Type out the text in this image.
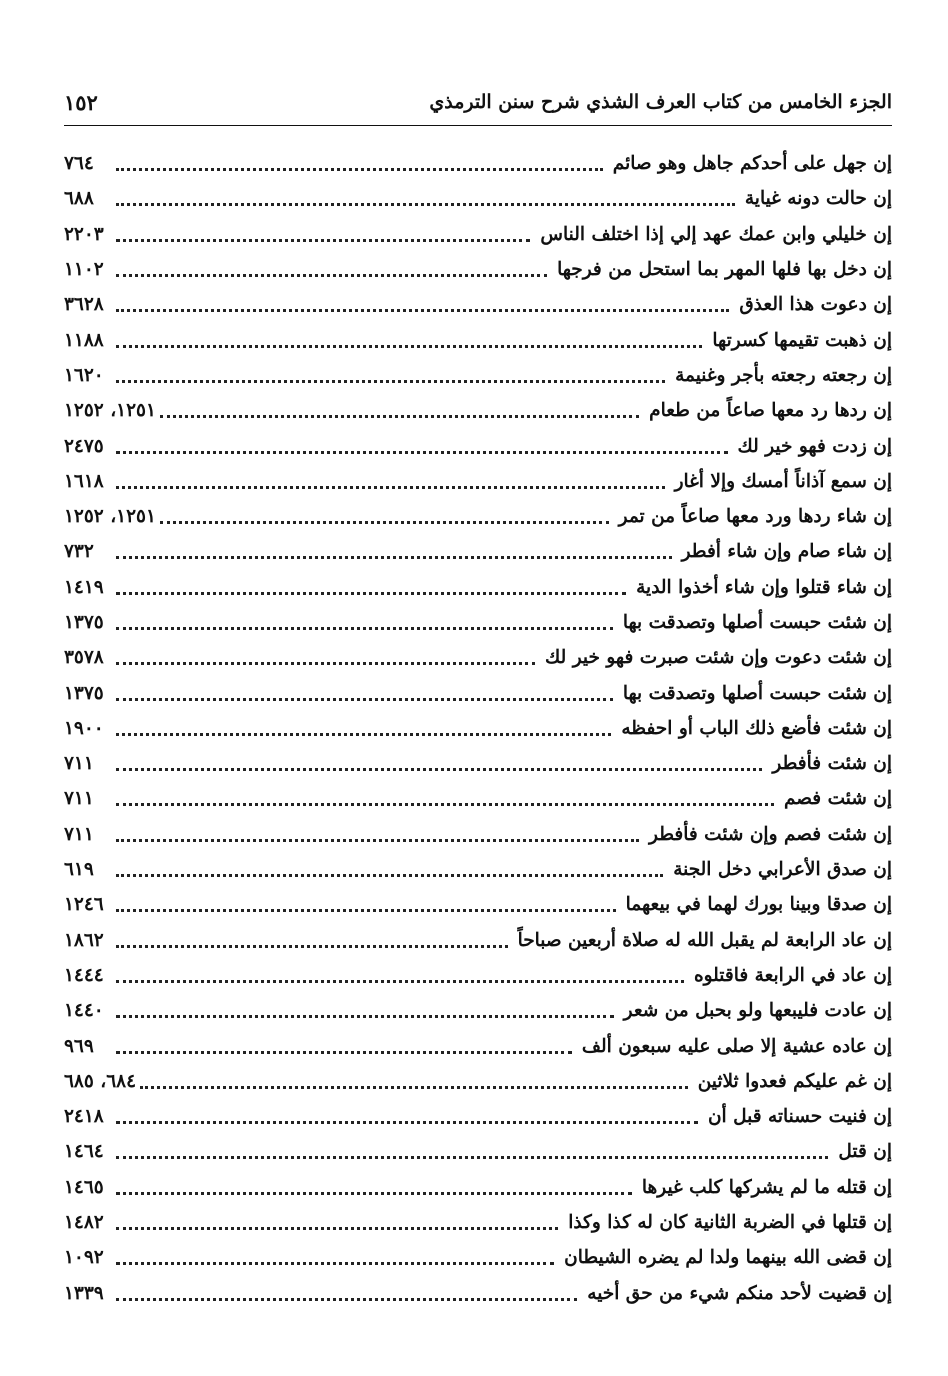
١٥٢	الجزء الخامس من كتاب العرف الشذي شرح سنن الترمذي
إن جهل على أحدكم جاهل وهو صائم
٧٦٤
إن حالت دونه غياية
٦٨٨
إن خليلي وابن عمك عهد إلي إذا اختلف الناس
٢٢٠٣
إن دخل بها فلها المهر بما استحل من فرجها
١١٠٢
إن دعوت هذا العذق
٣٦٢٨
إن ذهبت تقيمها كسرتها
١١٨٨
إن رجعته رجعته بأجر وغنيمة
١٦٢٠
إن ردها رد معها صاعاً من طعام
١٢٥١، ١٢٥٢
إن زدت فهو خير لك
٢٤٧٥
إن سمع آذاناً أمسك وإلا أغار
١٦١٨
إن شاء ردها ورد معها صاعاً من تمر
١٢٥١، ١٢٥٢
إن شاء صام وإن شاء أفطر
٧٣٢
إن شاء قتلوا وإن شاء أخذوا الدية
١٤١٩
إن شئت حبست أصلها وتصدقت بها
١٣٧٥
إن شئت دعوت وإن شئت صبرت فهو خير لك
٣٥٧٨
إن شئت حبست أصلها وتصدقت بها
١٣٧٥
إن شئت فأضع ذلك الباب أو احفظه
١٩٠٠
إن شئت فأفطر
٧١١
إن شئت فصم
٧١١
إن شئت فصم وإن شئت فأفطر
٧١١
إن صدق الأعرابي دخل الجنة
٦١٩
إن صدقا وبينا بورك لهما في بيعهما
١٢٤٦
إن عاد الرابعة لم يقبل الله له صلاة أربعين صباحاً
١٨٦٢
إن عاد في الرابعة فاقتلوه
١٤٤٤
إن عادت فليبعها ولو بحبل من شعر
١٤٤٠
إن عاده عشية إلا صلى عليه سبعون ألف
٩٦٩
إن غم عليكم فعدوا ثلاثين
٦٨٤، ٦٨٥
إن فنيت حسناته قبل أن
٢٤١٨
إن قتل
١٤٦٤
إن قتله ما لم يشركها كلب غيرها
١٤٦٥
إن قتلها في الضربة الثانية كان له كذا وكذا
١٤٨٢
إن قضى الله بينهما ولدا لم يضره الشيطان
١٠٩٢
إن قضيت لأحد منكم شيء من حق أخيه
١٣٣٩
